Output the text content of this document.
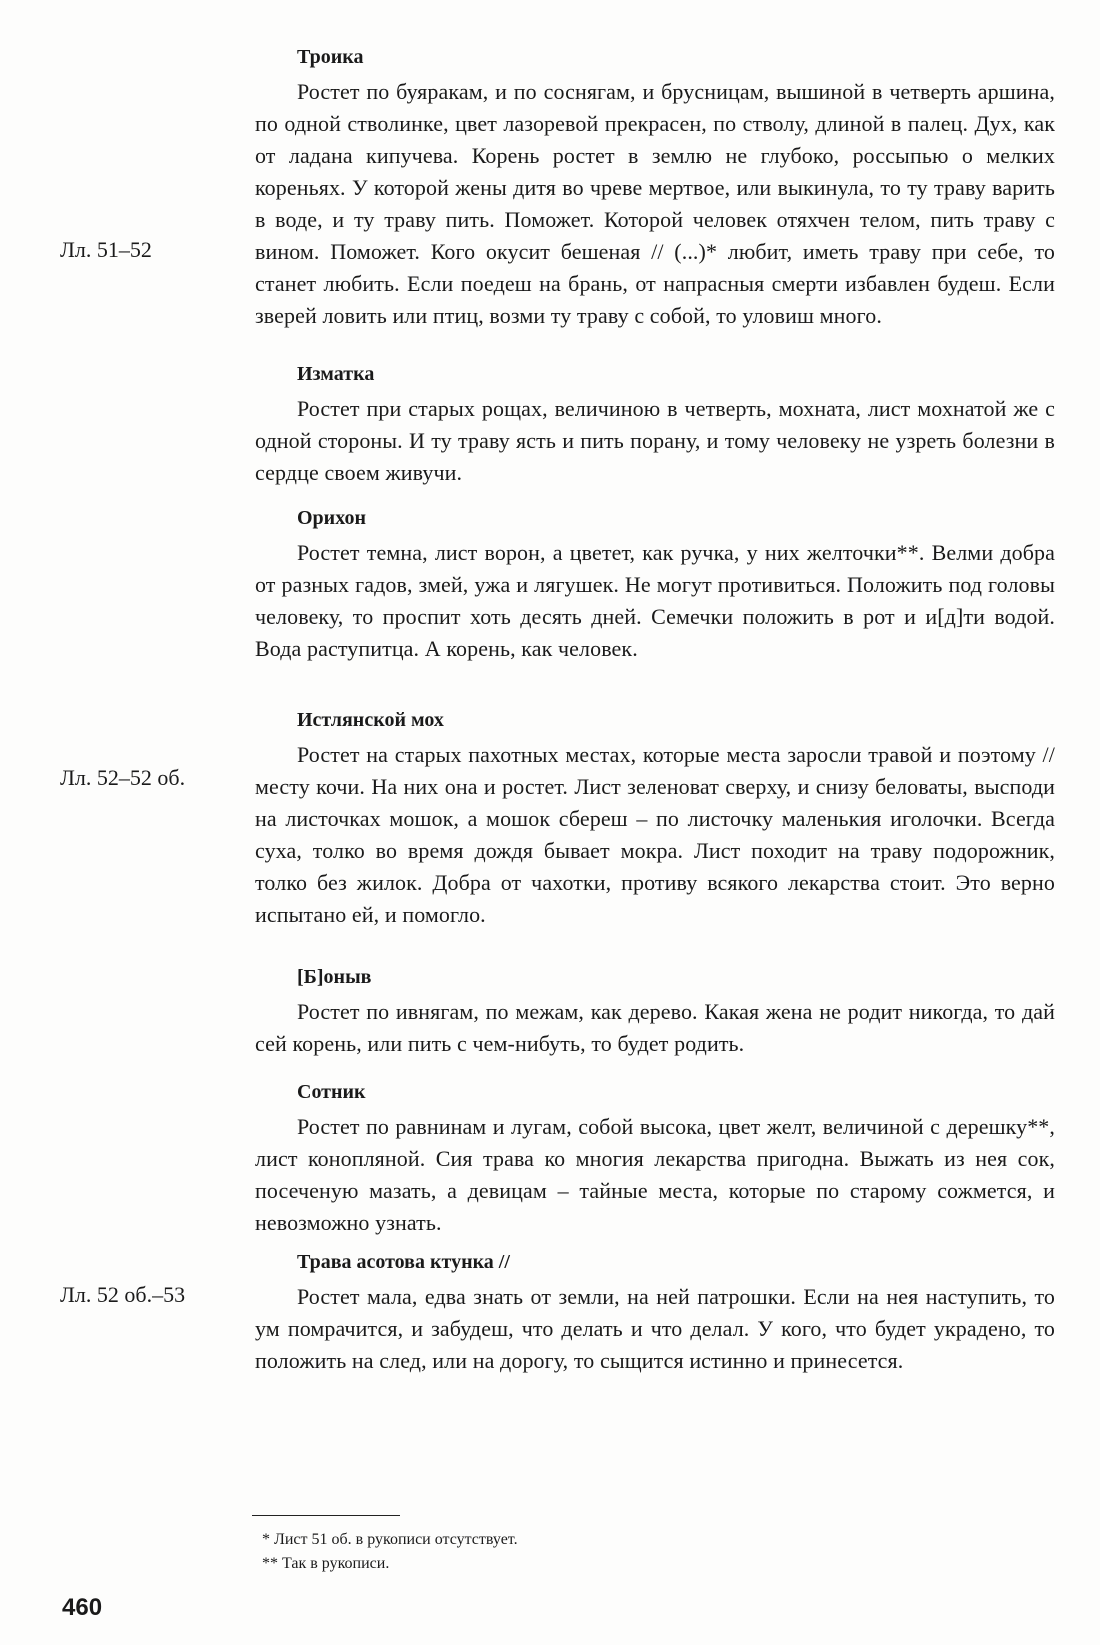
Лл. 51–52
Лл. 52–52 об.
Лл. 52 об.–53
Троика

Ростет по буяракам, и по соснягам, и брусницам, вышиной в четверть аршина, по одной стволинке, цвет лазоревой прекрасен, по стволу, длиной в палец. Дух, как от ладана кипучева. Корень ростет в землю не глубоко, россыпью о мелких кореньях. У которой жены дитя во чреве мертвое, или выкинула, то ту траву варить в воде, и ту траву пить. Поможет. Которой человек отяхчен телом, пить траву с вином. Поможет. Кого окусит бешеная // (...)* любит, иметь траву при себе, то станет любить. Если поедеш на брань, от напрасныя смерти избавлен будеш. Если зверей ловить или птиц, возми ту траву с собой, то уловиш много.

Изматка

Ростет при старых рощах, величиною в четверть, мохната, лист мохнатой же с одной стороны. И ту траву ясть и пить порану, и тому человеку не узреть болезни в сердце своем живучи.

Орихон

Ростет темна, лист ворон, а цветет, как ручка, у них желточки**. Велми добра от разных гадов, змей, ужа и лягушек. Не могут противиться. Положить под головы человеку, то проспит хоть десять дней. Семечки положить в рот и и[д]ти водой. Вода раступитца. А корень, как человек.

Истлянской мох

Ростет на старых пахотных местах, которые места заросли травой и поэтому // месту кочи. На них она и ростет. Лист зеленоват сверху, и снизу беловаты, выcподи на листочках мошок, а мошок сбереш – по листочку маленькия иголочки. Всегда суха, толко во время дождя бывает мокра. Лист походит на траву подорожник, толко без жилок. Добра от чахотки, противу всякого лекарства стоит. Это верно испытано ей, и помогло.

[Б]оныв

Ростет по ивнягам, по межам, как дерево. Какая жена не родит никогда, то дай сей корень, или пить с чем-нибуть, то будет родить.

Сотник

Ростет по равнинам и лугам, собой высока, цвет желт, величиной с дерешку**, лист конопляной. Сия трава ко многия лекарства пригодна. Выжать из нея сок, посеченую мазать, а девицам – тайные места, которые по старому сожмется, и невозможно узнать.

Трава асотова ктунка //

Ростет мала, едва знать от земли, на ней патрошки. Если на нея наступить, то ум помрачится, и забудеш, что делать и что делал. У кого, что будет украдено, то положить на след, или на дорогу, то сыщится истинно и принесется.

* Лист 51 об. в рукописи отсутствует.
** Так в рукописи.
460
